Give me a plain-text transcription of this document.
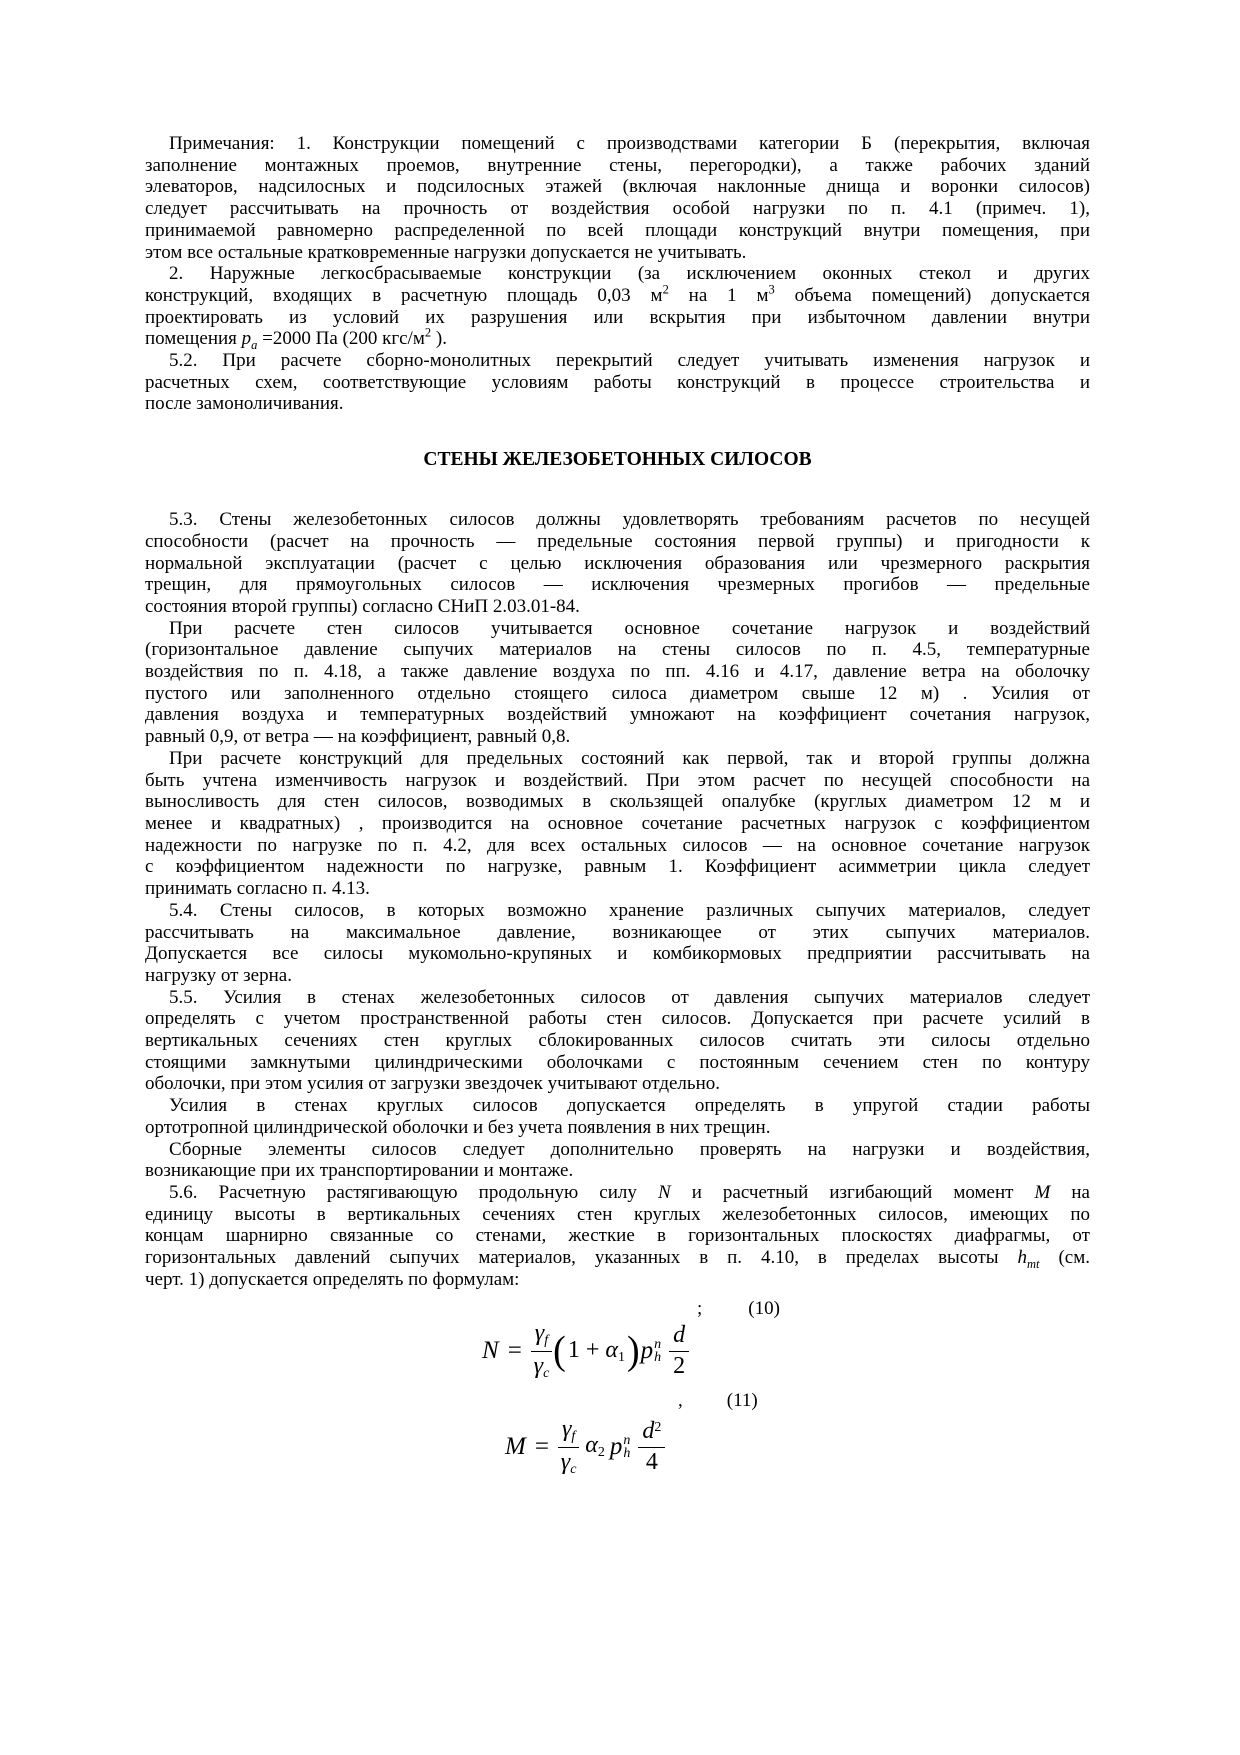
Примечания: 1. Конструкции помещений с производствами категории Б (перекрытия, включая
заполнение монтажных проемов, внутренние стены, перегородки), а также рабочих зданий
элеваторов, надсилосных и подсилосных этажей (включая наклонные днища и воронки силосов)
следует рассчитывать на прочность от воздействия особой нагрузки по п. 4.1 (примеч. 1),
принимаемой равномерно распределенной по всей площади конструкций внутри помещения, при
этом все остальные кратковременные нагрузки допускается не учитывать.
2. Наружные легкосбрасываемые конструкции (за исключением оконных стекол и других
конструкций, входящих в расчетную площадь 0,03 $м^2$ на 1 $м^3$ объема помещений) допускается
проектировать из условий их разрушения или вскрытия при избыточном давлении внутри
помещения $p_a =2000$ Па (200 кгс/$м^2$ ).
5.2. При расчете сборно-монолитных перекрытий следует учитывать изменения нагрузок и
расчетных схем, соответствующие условиям работы конструкций в процессе строительства и
после замоноличивания.
СТЕНЫ ЖЕЛЕЗОБЕТОННЫХ СИЛОСОВ
5.3. Стены железобетонных силосов должны удовлетворять требованиям расчетов по несущей
способности (расчет на прочность — предельные состояния первой группы) и пригодности к
нормальной эксплуатации (расчет с целью исключения образования или чрезмерного раскрытия
трещин, для прямоугольных силосов — исключения чрезмерных прогибов — предельные
состояния второй группы) согласно СНиП 2.03.01-84.
При расчете стен силосов учитывается основное сочетание нагрузок и воздействий
(горизонтальное давление сыпучих материалов на стены силосов по п. 4.5, температурные
воздействия по п. 4.18, а также давление воздуха по пп. 4.16 и 4.17, давление ветра на оболочку
пустого или заполненного отдельно стоящего силоса диаметром свыше 12 м) . Усилия от
давления воздуха и температурных воздействий умножают на коэффициент сочетания нагрузок,
равный 0,9, от ветра — на коэффициент, равный 0,8.
При расчете конструкций для предельных состояний как первой, так и второй группы должна
быть учтена изменчивость нагрузок и воздействий. При этом расчет по несущей способности на
выносливость для стен силосов, возводимых в скользящей опалубке (круглых диаметром 12 м и
менее и квадратных) , производится на основное сочетание расчетных нагрузок с коэффициентом
надежности по нагрузке по п. 4.2, для всех остальных силосов — на основное сочетание нагрузок
с коэффициентом надежности по нагрузке, равным 1. Коэффициент асимметрии цикла следует
принимать согласно п. 4.13.
5.4. Стены силосов, в которых возможно хранение различных сыпучих материалов, следует
рассчитывать на максимальное давление, возникающее от этих сыпучих материалов.
Допускается все силосы мукомольно-крупяных и комбикормовых предприятии рассчитывать на
нагрузку от зерна.
5.5. Усилия в стенах железобетонных силосов от давления сыпучих материалов следует
определять с учетом пространственной работы стен силосов. Допускается при расчете усилий в
вертикальных сечениях стен круглых сблокированных силосов считать эти силосы отдельно
стоящими замкнутыми цилиндрическими оболочками с постоянным сечением стен по контуру
оболочки, при этом усилия от загрузки звездочек учитывают отдельно.
Усилия в стенах круглых силосов допускается определять в упругой стадии работы
ортотропной цилиндрической оболочки и без учета появления в них трещин.
Сборные элементы силосов следует дополнительно проверять на нагрузки и воздействия,
возникающие при их транспортировании и монтаже.
5.6. Расчетную растягивающую продольную силу N и расчетный изгибающий момент M на
единицу высоты в вертикальных сечениях стен круглых железобетонных силосов, имеющих по
концам шарнирно связанные со стенами, жесткие в горизонтальных плоскостях диафрагмы, от
горизонтальных давлений сыпучих материалов, указанных в п. 4.10, в пределах высоты $h_{mt}$ (см.
черт. 1) допускается определять по формулам:
; (10)
$N = \frac{\gamma f}{\gamma c}$ ( 1 + α1 ) p n
h
d
2
, (11)
$M = \frac{\gamma f}{\gamma c} \alpha 2$ p n
h
$d^2$
4
